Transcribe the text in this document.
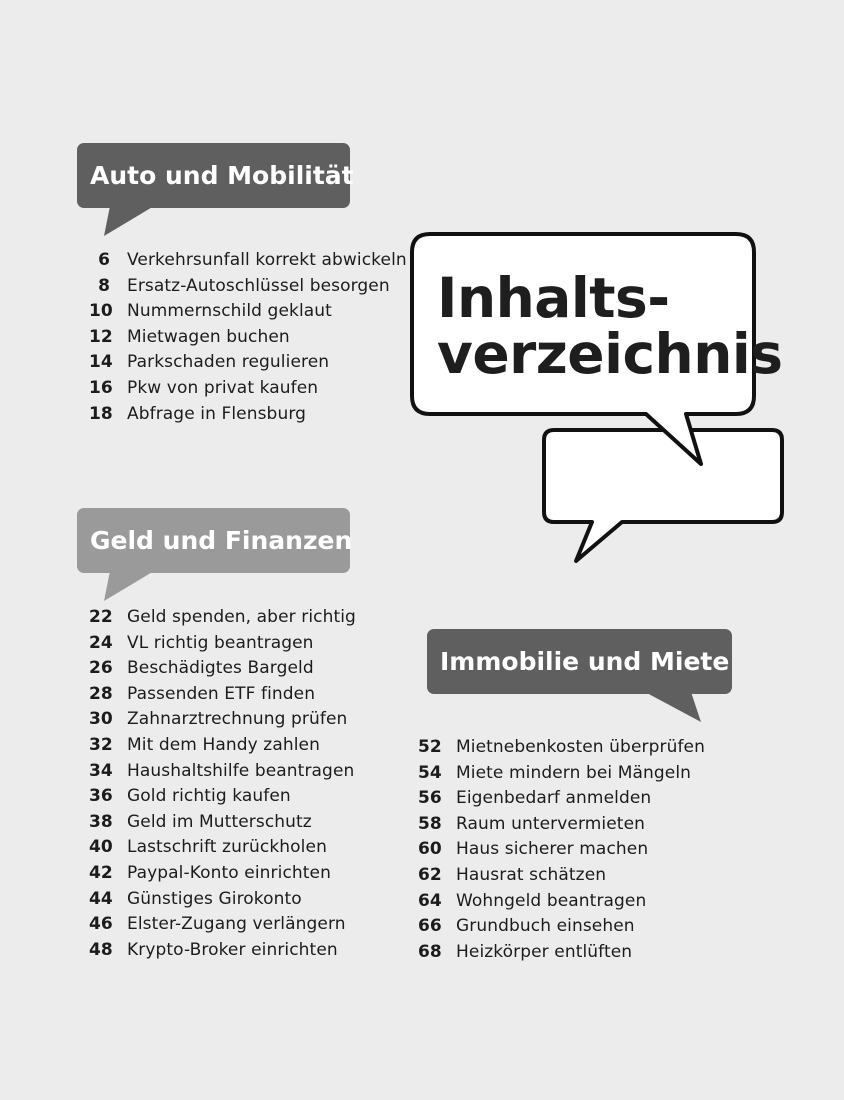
Auto und Mobilität
6 Verkehrsunfall korrekt abwickeln
8 Ersatz-Autoschlüssel besorgen
10 Nummernschild geklaut
12 Mietwagen buchen
14 Parkschaden regulieren
16 Pkw von privat kaufen
18 Abfrage in Flensburg
Inhalts-
verzeichnis
Geld und Finanzen
22 Geld spenden, aber richtig
24 VL richtig beantragen
26 Beschädigtes Bargeld
28 Passenden ETF finden
30 Zahnarztrechnung prüfen
32 Mit dem Handy zahlen
34 Haushaltshilfe beantragen
36 Gold richtig kaufen
38 Geld im Mutterschutz
40 Lastschrift zurückholen
42 Paypal-Konto einrichten
44 Günstiges Girokonto
46 Elster-Zugang verlängern
48 Krypto-Broker einrichten
Immobilie und Miete
52 Mietnebenkosten überprüfen
54 Miete mindern bei Mängeln
56 Eigenbedarf anmelden
58 Raum untervermieten
60 Haus sicherer machen
62 Hausrat schätzen
64 Wohngeld beantragen
66 Grundbuch einsehen
68 Heizkörper entlüften
